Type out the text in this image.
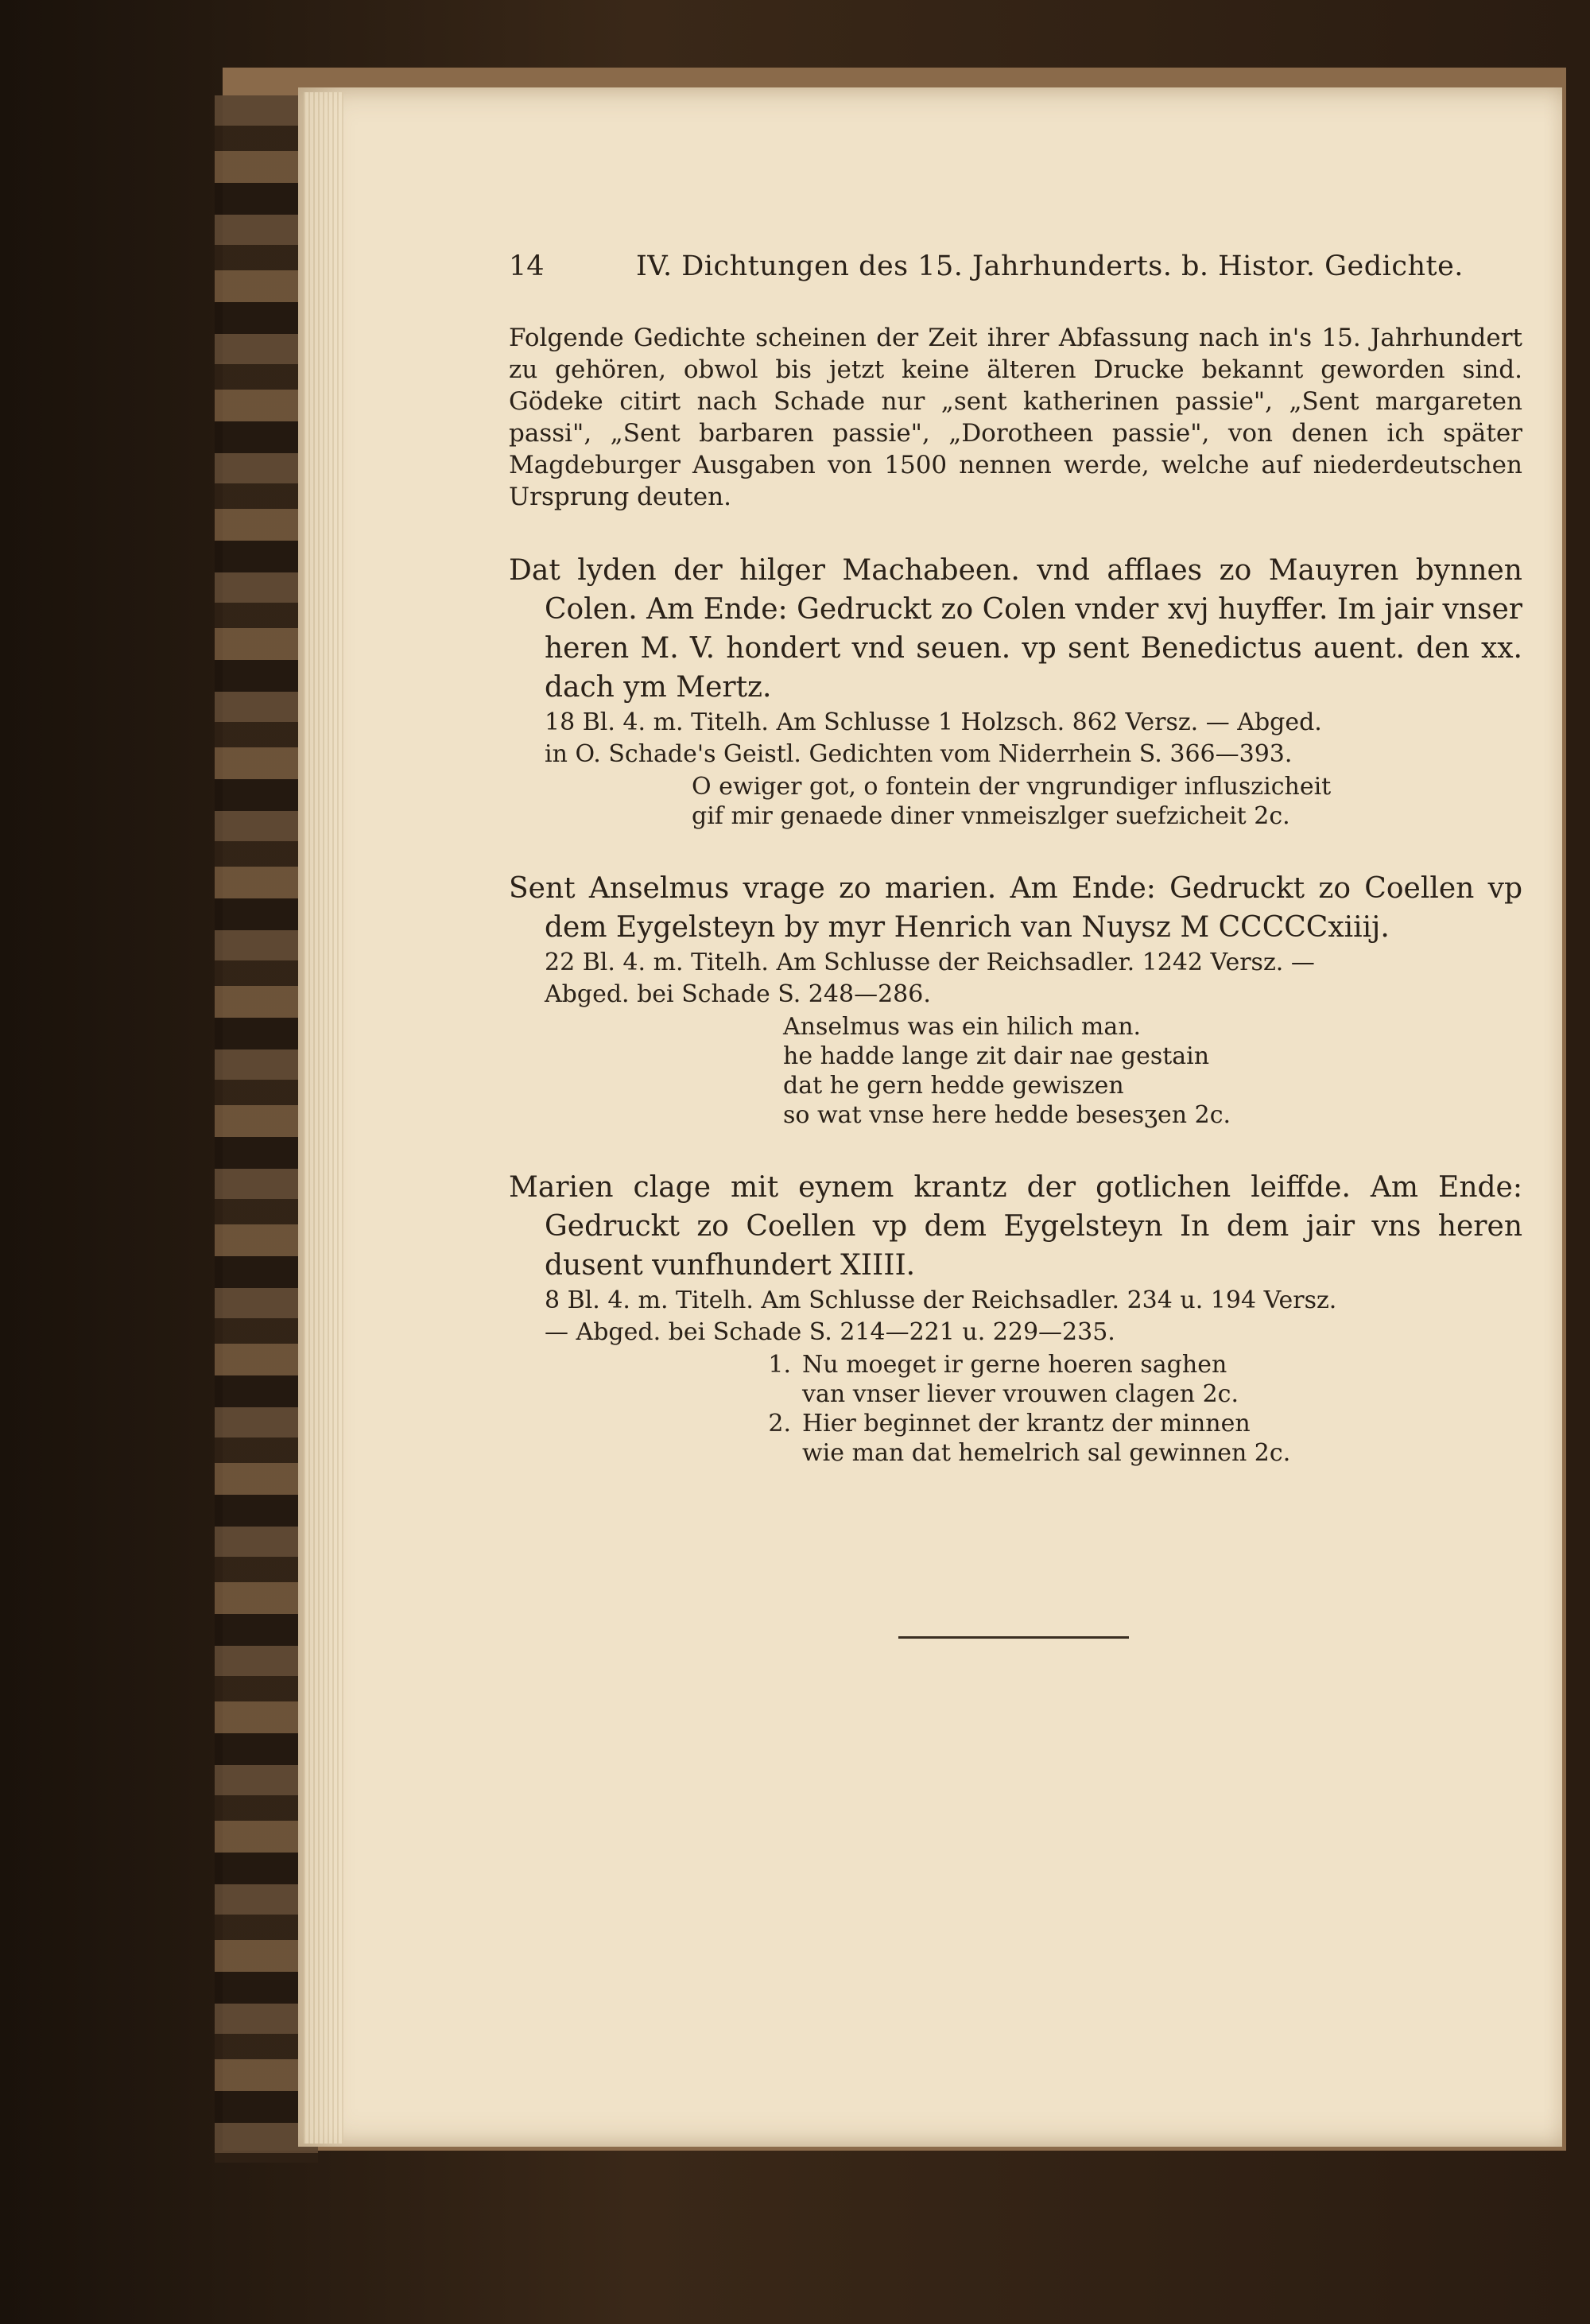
14	IV. Dichtungen des 15. Jahrhunderts. b. Histor. Gedichte.
Folgende Gedichte scheinen der Zeit ihrer Abfassung nach in's 15. Jahrhundert zu gehören, obwol bis jetzt keine älteren Drucke bekannt geworden sind. Gödeke citirt nach Schade nur „sent katherinen passie", „Sent margareten passi", „Sent barbaren passie", „Dorotheen passie", von denen ich später Magdeburger Ausgaben von 1500 nennen werde, welche auf niederdeutschen Ursprung deuten.
Dat lyden der hilger Machabeen. vnd afflaes zo Mauyren bynnen Colen. Am Ende: Gedruckt zo Colen vnder xvj huyffer. Im jair vnser heren M. V. hondert vnd seuen. vp sent Benedictus auent. den xx. dach ym Mertz.
18 Bl. 4. m. Titelh. Am Schlusse 1 Holzsch. 862 Versz. — Abged.
in O. Schade's Geistl. Gedichten vom Niderrhein S. 366—393.
O ewiger got, o fontein der vngrundiger influszicheit
gif mir genaede diner vnmeiszlger suefzicheit 2c.
Sent Anselmus vrage zo marien. Am Ende: Gedruckt zo Coellen vp dem Eygelsteyn by myr Henrich van Nuysz M CCCCCxiiij.
22 Bl. 4. m. Titelh. Am Schlusse der Reichsadler. 1242 Versz. —
Abged. bei Schade S. 248—286.
Anselmus was ein hilich man.
he hadde lange zit dair nae gestain
dat he gern hedde gewiszen
so wat vnse here hedde besesʒen 2c.
Marien clage mit eynem krantz der gotlichen leiffde. Am Ende: Gedruckt zo Coellen vp dem Eygelsteyn In dem jair vns heren dusent vunfhundert XIIII.
8 Bl. 4. m. Titelh. Am Schlusse der Reichsadler. 234 u. 194 Versz.
— Abged. bei Schade S. 214—221 u. 229—235.
1. Nu moeget ir gerne hoeren saghen
van vnser liever vrouwen clagen 2c.
2. Hier beginnet der krantz der minnen
wie man dat hemelrich sal gewinnen 2c.
